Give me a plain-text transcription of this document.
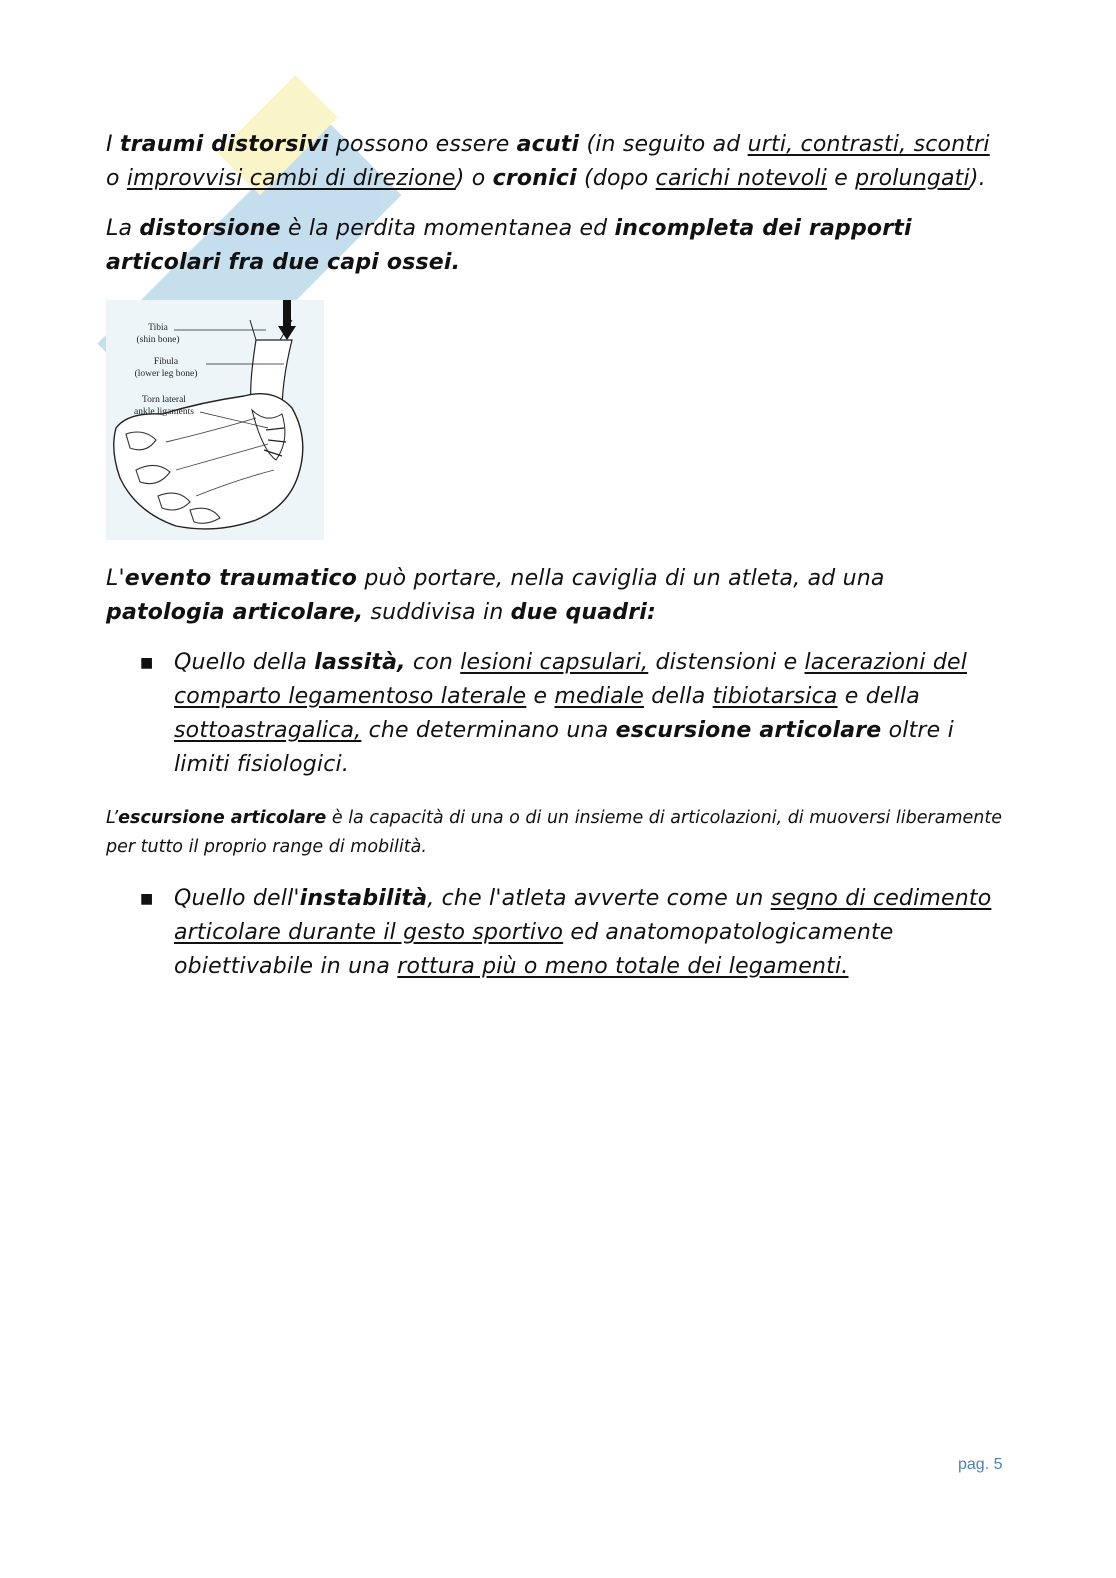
I traumi distorsivi possono essere acuti (in seguito ad urti, contrasti, scontri o improvvisi cambi di direzione) o cronici (dopo carichi notevoli e prolungati).

La distorsione è la perdita momentanea ed incompleta dei rapporti articolari fra due capi ossei.

Tibia
(shin bone)
Fibula
(lower leg bone)
Torn lateral
ankle ligaments

L'evento traumatico può portare, nella caviglia di un atleta, ad una patologia articolare, suddivisa in due quadri:

■ Quello della lassità, con lesioni capsulari, distensioni e lacerazioni del comparto legamentoso laterale e mediale della tibiotarsica e della sottoastragalica, che determinano una escursione articolare oltre i limiti fisiologici.

L’escursione articolare è la capacità di una o di un insieme di articolazioni, di muoversi liberamente per tutto il proprio range di mobilità.

■ Quello dell'instabilità, che l'atleta avverte come un segno di cedimento articolare durante il gesto sportivo ed anatomopatologicamente obiettivabile in una rottura più o meno totale dei legamenti.

pag. 5
